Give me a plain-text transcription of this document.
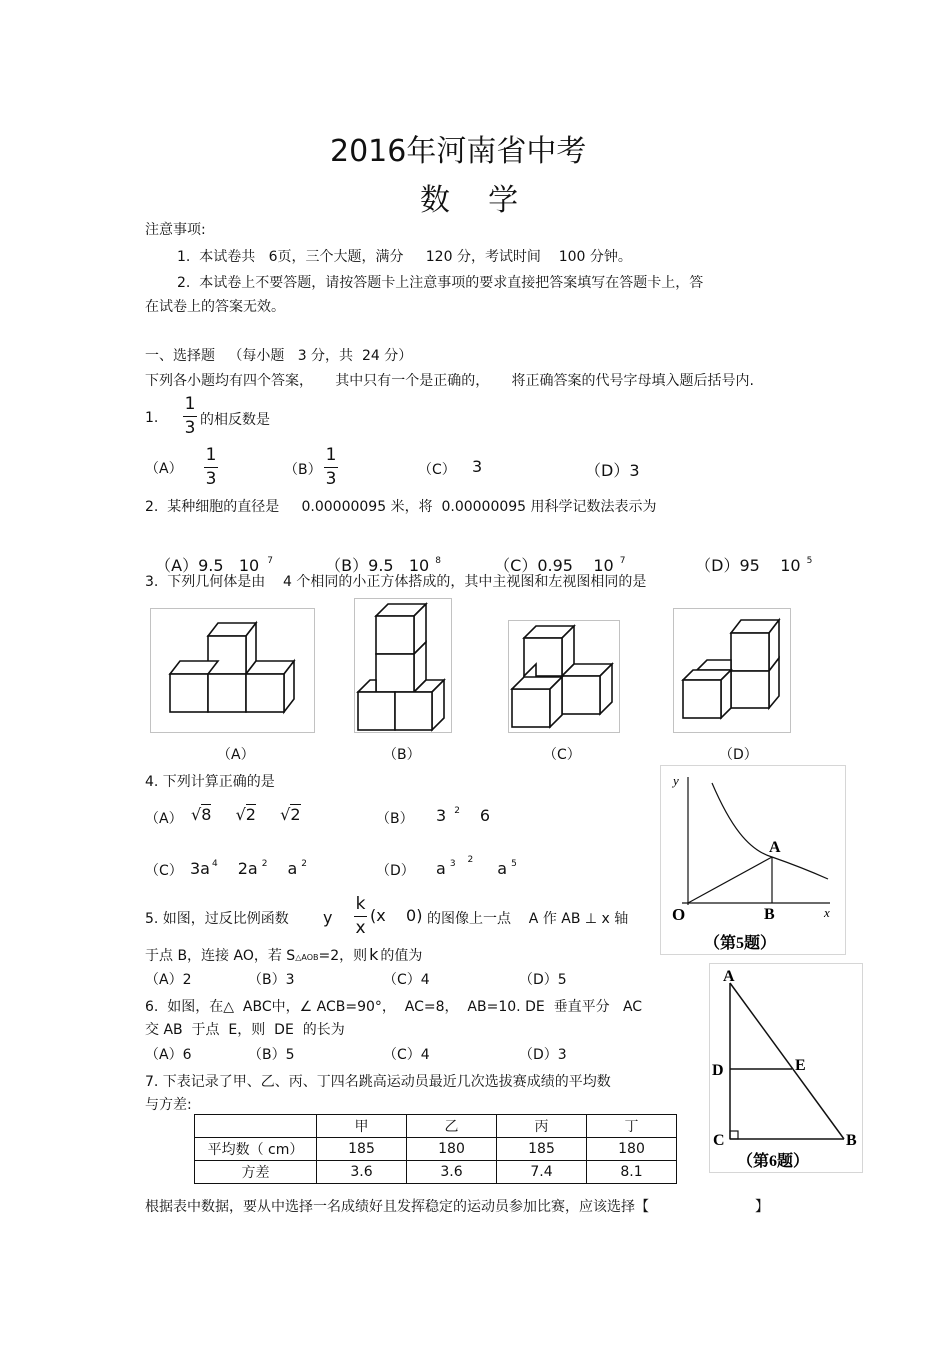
2016年河南省中考
数    学
注意事项:
1.  本试卷共   6页，三个大题，满分     120 分，考试时间    100 分钟。
2.  本试卷上不要答题，请按答题卡上注意事项的要求直接把答案填写在答题卡上，答
在试卷上的答案无效。
一、选择题   （每小题   3 分，共  24 分）
下列各小题均有四个答案，     其中只有一个是正确的，     将正确答案的代号字母填入题后括号内.
1.
1
3 的相反数是
（A）
1
3	（B）
1
3	（C） 3	（D）3
2.  某种细胞的直径是     0.00000095 米，将  0.00000095 用科学记数法表示为

（A）9.5   10 $^7$	（B）9.5   10 $^8$	（C）0.95    10 $^7$	（D）95    10 $^5$

3.  下列几何体是由    4 个相同的小正方体搭成的，其中主视图和左视图相同的是
（A）	（B）	（C）	（D）
4. 下列计算正确的是
（A） √8 √2 √2	（B） 3 $^2$ 6
（C） 3a $^4$ 2a $^2$ a $^2$	（D） a $^3$ $^2$ a $^5$
5. 如图，过反比例函数 y
k
x
(x    0) 的图像上一点    A 作 AB ⊥ x 轴
于点 B，连接 AO，若 S△AOB=2，则 k 的值为
（A）2	（B）3	（C）4	（D）5
y
x
O
A
B
（第5题）
6.  如图，在△  ABC中，∠ ACB=90°，  AC=8，  AB=10. DE  垂直平分   AC
交 AB  于点  E，则  DE  的长为
（A）6	（B）5	（C）4	（D）3
A
D	E
C	B
（第6题）
7. 下表记录了甲、乙、丙、丁四名跳高运动员最近几次选拔赛成绩的平均数
与方差:
	甲	乙	丙	丁
平均数（ cm）	185	180	185	180
方差	3.6	3.6	7.4	8.1
根据表中数据，要从中选择一名成绩好且发挥稳定的运动员参加比赛，应该选择【	】
